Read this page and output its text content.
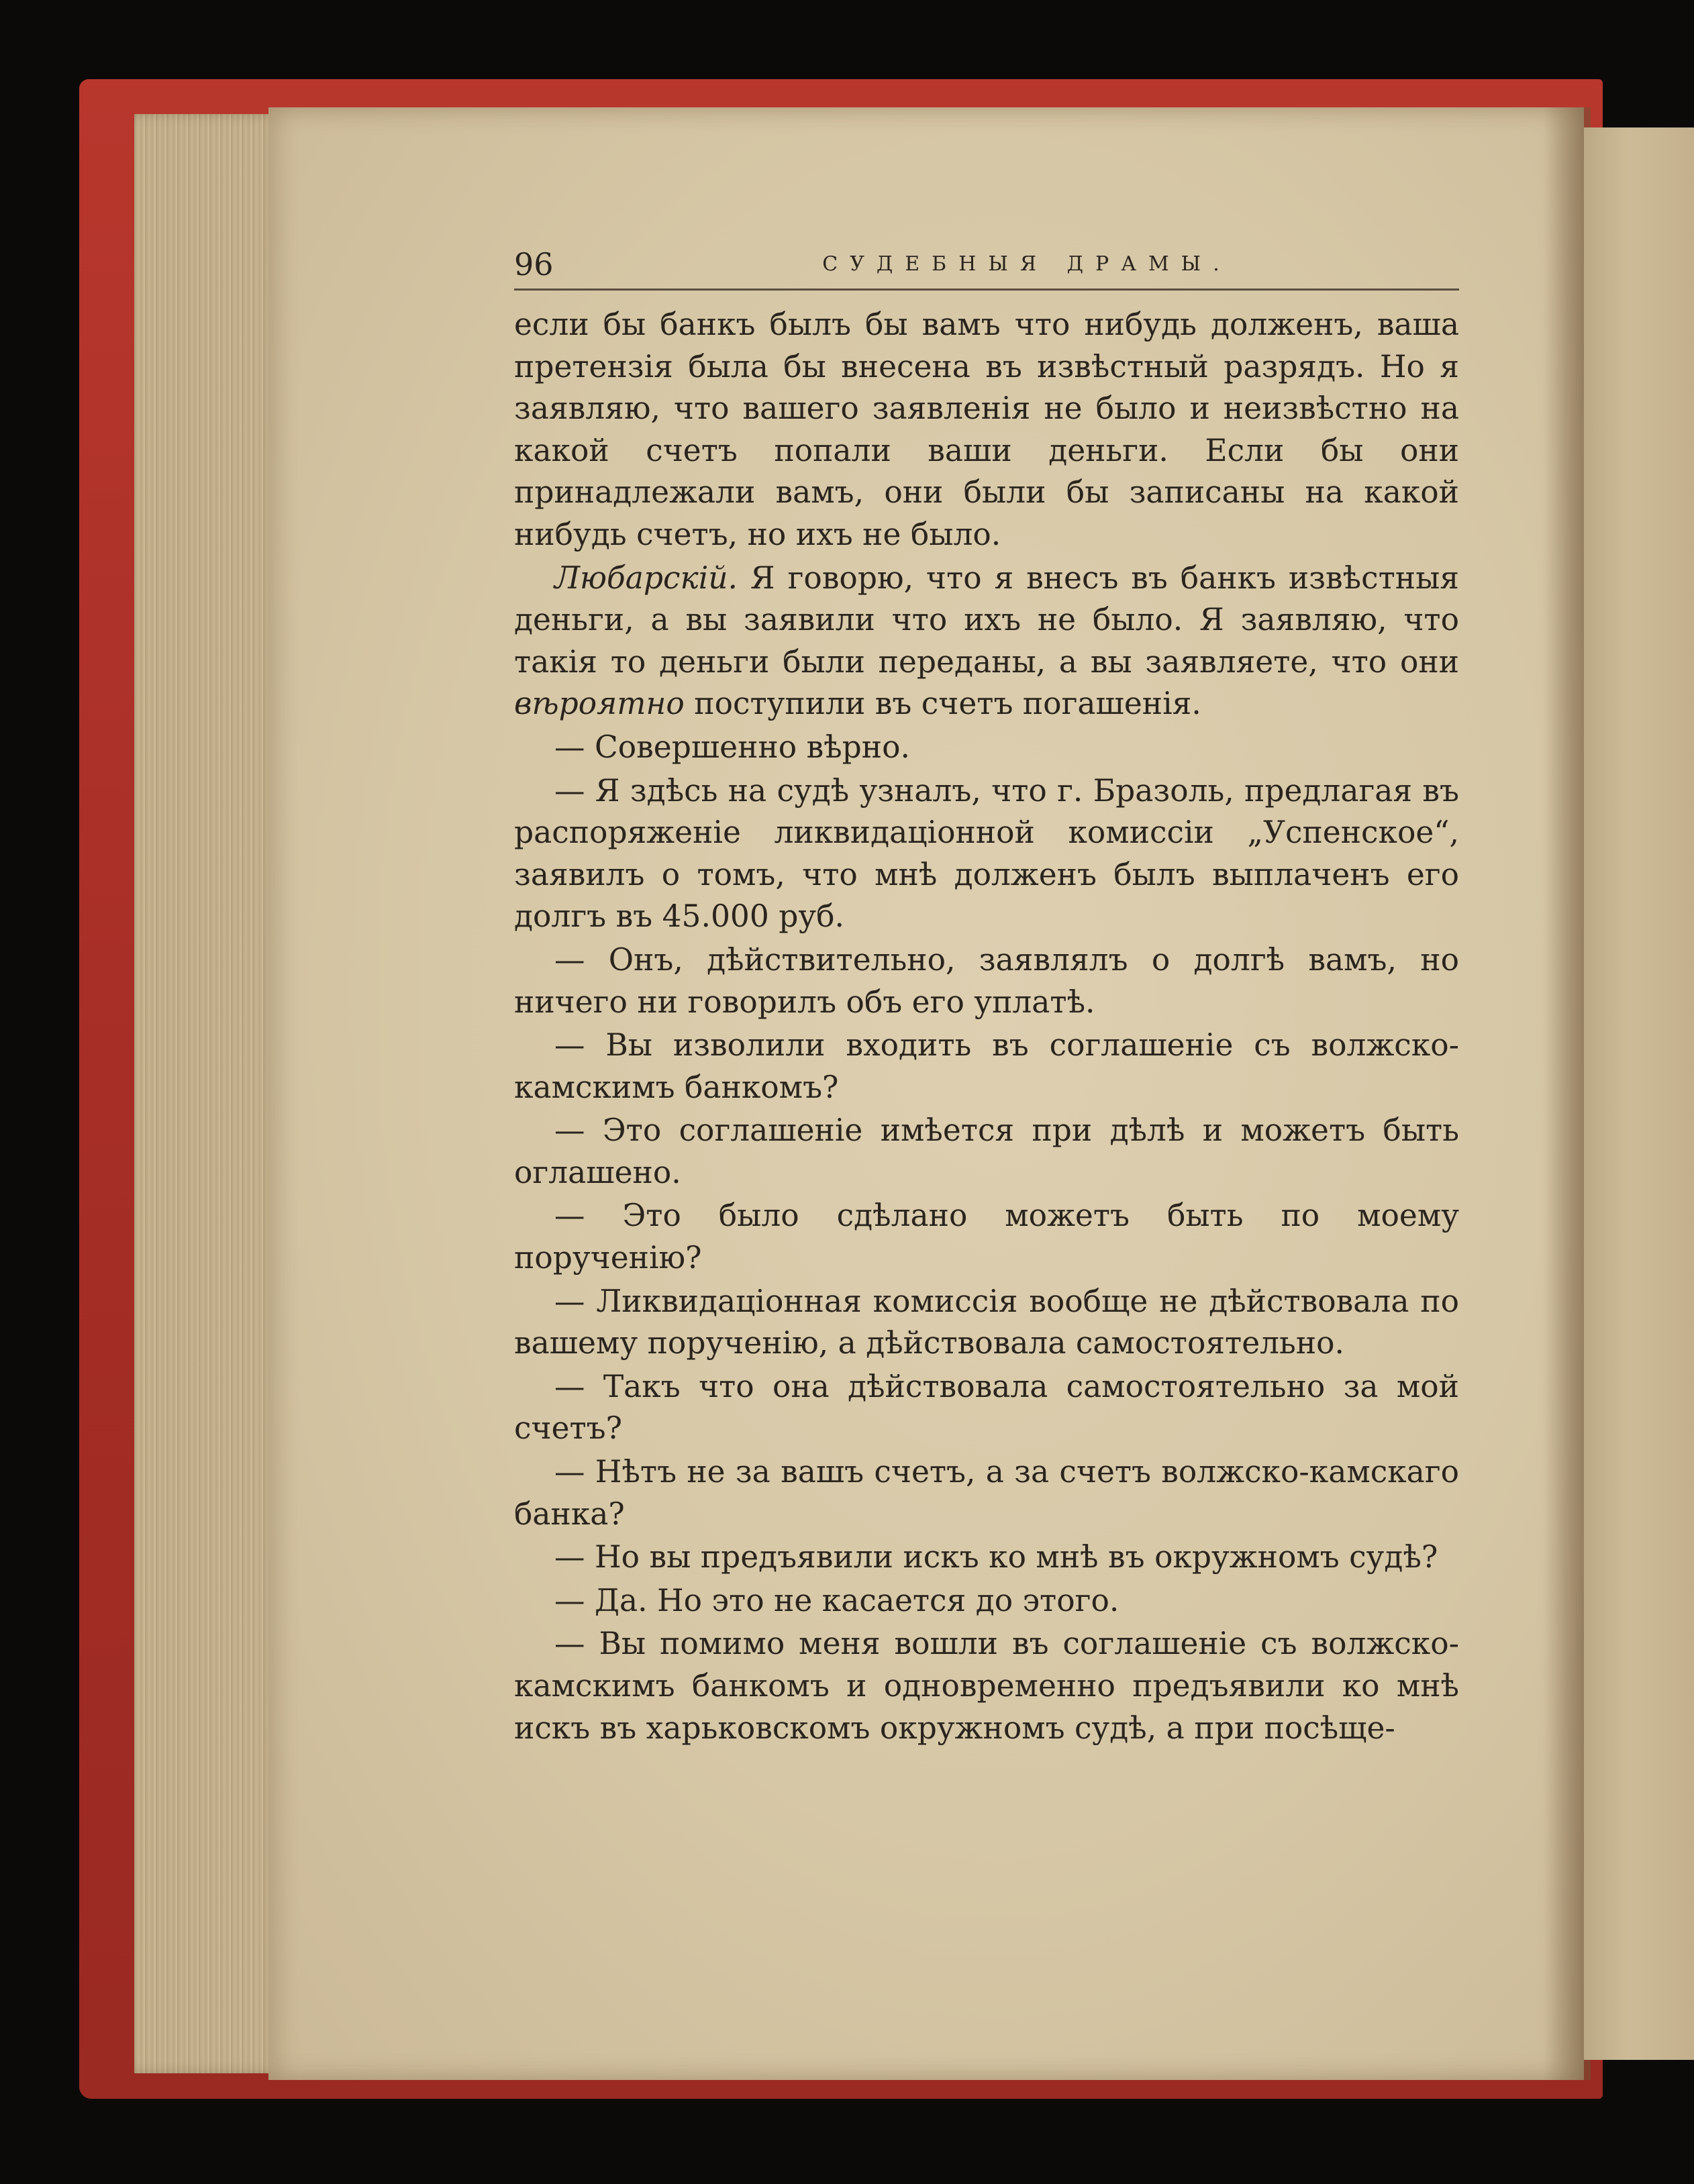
96	СУДЕБНЫЯ ДРАМЫ.

если бы банкъ былъ бы вамъ что нибудь долженъ, ваша претензія была бы внесена въ извѣстный разрядъ. Но я заявляю, что вашего заявленія не было и неизвѣстно на какой счетъ попали ваши деньги. Если бы они принадлежали вамъ, они были бы записаны на какой нибудь счетъ, но ихъ не было.

Любарскій. Я говорю, что я внесъ въ банкъ извѣстныя деньги, а вы заявили что ихъ не было. Я заявляю, что такія то деньги были переданы, а вы заявляете, что они вѣроятно поступили въ счетъ погашенія.

— Совершенно вѣрно.

— Я здѣсь на судѣ узналъ, что г. Бразоль, предлагая въ распоряженіе ликвидаціонной комиссіи „Успенское“, заявилъ о томъ, что мнѣ долженъ былъ выплаченъ его долгъ въ 45.000 руб.

— Онъ, дѣйствительно, заявлялъ о долгѣ вамъ, но ничего ни говорилъ объ его уплатѣ.

— Вы изволили входить въ соглашеніе съ волжско-камскимъ банкомъ?

— Это соглашеніе имѣется при дѣлѣ и можетъ быть оглашено.

— Это было сдѣлано можетъ быть по моему порученію?

— Ликвидаціонная комиссія вообще не дѣйствовала по вашему порученію, а дѣйствовала самостоятельно.

— Такъ что она дѣйствовала самостоятельно за мой счетъ?

— Нѣтъ не за вашъ счетъ, а за счетъ волжско-камскаго банка?

— Но вы предъявили искъ ко мнѣ въ окружномъ судѣ?

— Да. Но это не касается до этого.

— Вы помимо меня вошли въ соглашеніе съ волжско-камскимъ банкомъ и одновременно предъявили ко мнѣ искъ въ харьковскомъ окружномъ судѣ, а при посѣще-
